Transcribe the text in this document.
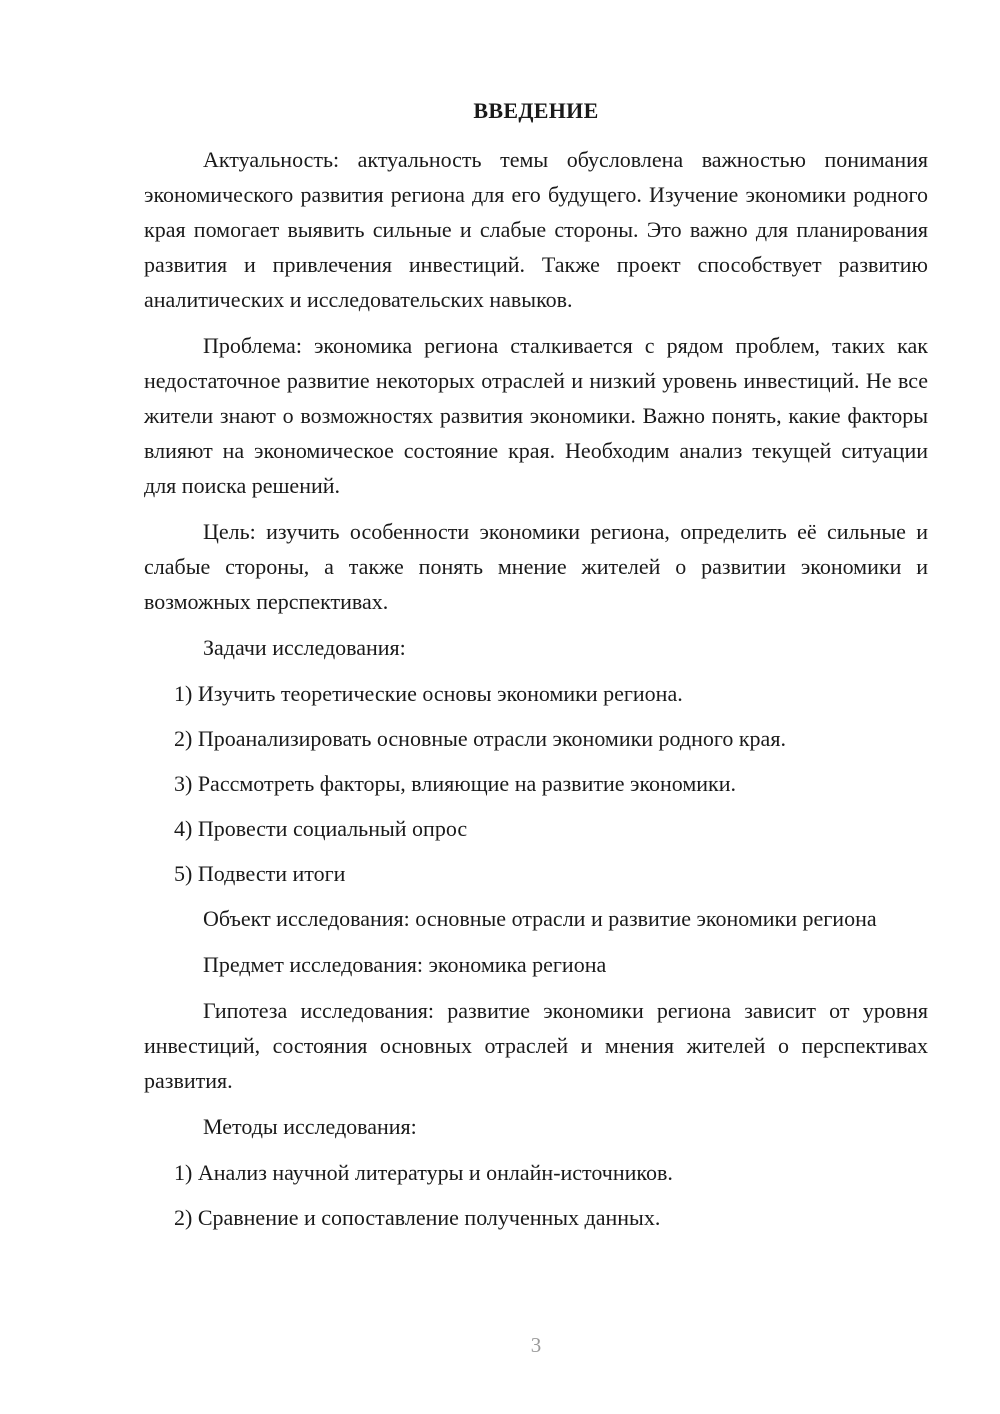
ВВЕДЕНИЕ

Актуальность: актуальность темы обусловлена важностью понимания экономического развития региона для его будущего. Изучение экономики родного края помогает выявить сильные и слабые стороны. Это важно для планирования развития и привлечения инвестиций. Также проект способствует развитию аналитических и исследовательских навыков.

Проблема: экономика региона сталкивается с рядом проблем, таких как недостаточное развитие некоторых отраслей и низкий уровень инвестиций. Не все жители знают о возможностях развития экономики. Важно понять, какие факторы влияют на экономическое состояние края. Необходим анализ текущей ситуации для поиска решений.

Цель: изучить особенности экономики региона, определить её сильные и слабые стороны, а также понять мнение жителей о развитии экономики и возможных перспективах.

Задачи исследования:

1) Изучить теоретические основы экономики региона.
2) Проанализировать основные отрасли экономики родного края.
3) Рассмотреть факторы, влияющие на развитие экономики.
4) Провести социальный опрос
5) Подвести итоги

Объект исследования: основные отрасли и развитие экономики региона

Предмет исследования: экономика региона

Гипотеза исследования: развитие экономики региона зависит от уровня инвестиций, состояния основных отраслей и мнения жителей о перспективах развития.

Методы исследования:

1) Анализ научной литературы и онлайн-источников.
2) Сравнение и сопоставление полученных данных.
3
